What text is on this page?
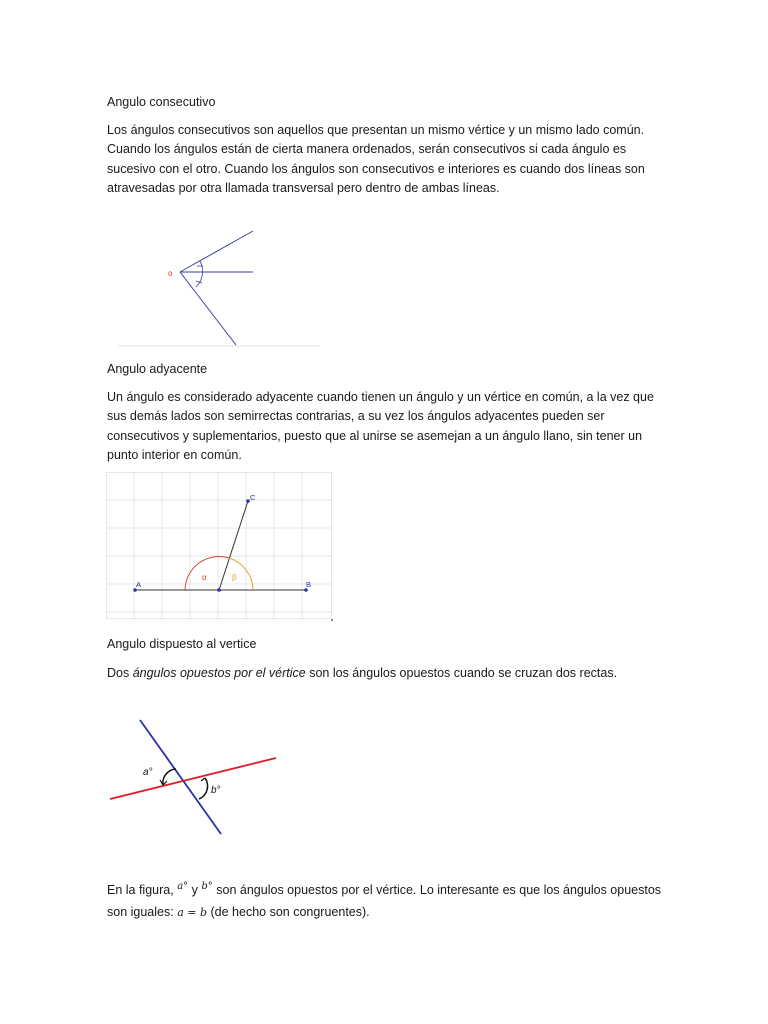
Angulo consecutivo

Los ángulos consecutivos son aquellos que presentan un mismo vértice y un mismo lado común. Cuando los ángulos están de cierta manera ordenados, serán consecutivos si cada ángulo es sucesivo con el otro. Cuando los ángulos son consecutivos e interiores es cuando dos líneas son atravesadas por otra llamada transversal pero dentro de ambas líneas.

o
Angulo adyacente

Un ángulo es considerado adyacente cuando tienen un ángulo y un vértice en común, a la vez que sus demás lados son semirrectas contrarias, a su vez los ángulos adyacentes pueden ser consecutivos y suplementarios, puesto que al unirse se asemejan a un ángulo llano, sin tener un punto interior en común.

A	B
C
α	β
Angulo dispuesto al vertice

Dos ángulos opuestos por el vértice son los ángulos opuestos cuando se cruzan dos rectas.

a°
b°

En la figura, $^{a^\circ}$ y $^{b^\circ}$ son ángulos opuestos por el vértice. Lo interesante es que los ángulos opuestos son iguales: a = b (de hecho son congruentes).
